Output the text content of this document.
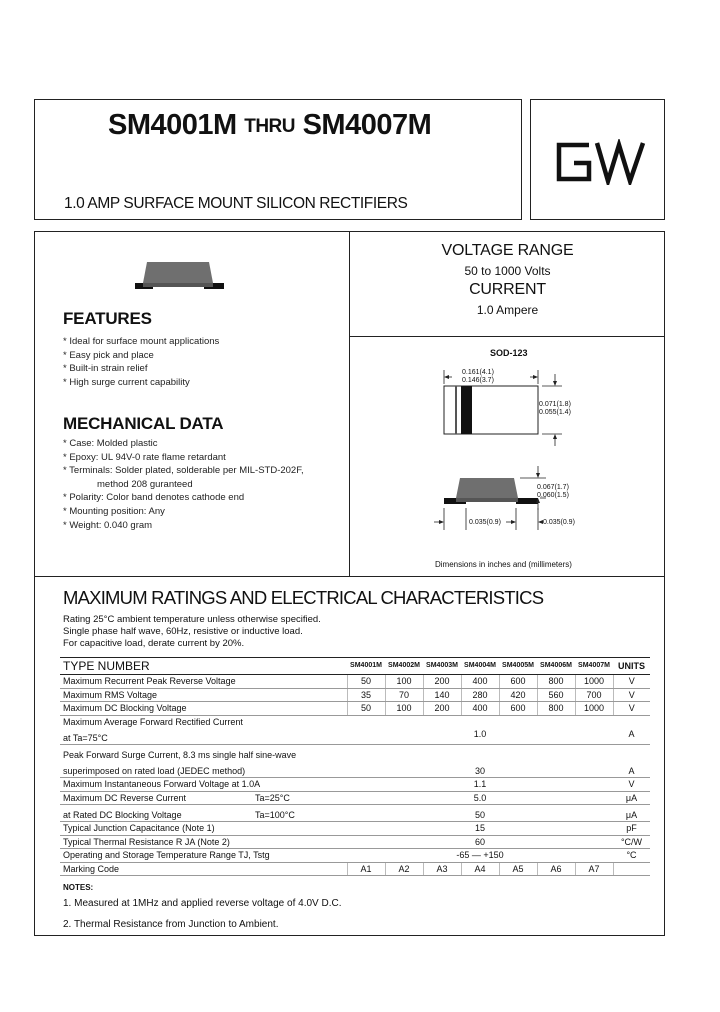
SM4001M THRU SM4007M
1.0 AMP SURFACE MOUNT SILICON RECTIFIERS
GW
FEATURES
* Ideal for surface mount applications
* Easy pick and place
* Built-in strain relief
* High surge current capability
MECHANICAL DATA
* Case: Molded plastic
* Epoxy: UL 94V-0 rate flame retardant
* Terminals: Solder plated, solderable per MIL-STD-202F,
method 208 guranteed
* Polarity: Color band denotes cathode end
* Mounting position: Any
* Weight: 0.040 gram
VOLTAGE RANGE
50 to 1000 Volts
CURRENT
1.0 Ampere
SOD-123
0.161(4.1)
0.146(3.7)
0.071(1.8)
0.055(1.4)
0.067(1.7)
0.060(1.5)
0.035(0.9)	0.035(0.9)
Dimensions in inches and (millimeters)
MAXIMUM RATINGS AND ELECTRICAL CHARACTERISTICS
Rating 25°C ambient temperature unless otherwise specified.
Single phase half wave, 60Hz, resistive or inductive load.
For capacitive load, derate current by 20%.
TYPE NUMBER	SM4001M	SM4002M	SM4003M	SM4004M	SM4005M	SM4006M	SM4007M	UNITS
Maximum Recurrent Peak Reverse Voltage	50	100	200	400	600	800	1000	V
Maximum RMS Voltage	35	70	140	280	420	560	700	V
Maximum DC Blocking Voltage	50	100	200	400	600	800	1000	V
Maximum Average Forward Rectified Current								
at Ta=75°C	1.0							A
Peak Forward Surge Current, 8.3 ms single half sine-wave								
superimposed on rated load (JEDEC method)	30							A
Maximum Instantaneous Forward Voltage at 1.0A	1.1							V
Maximum DC Reverse Current Ta=25°C	5.0							μA
at Rated DC Blocking Voltage Ta=100°C	50							μA
Typical Junction Capacitance (Note 1)	15							pF
Typical Thermal Resistance R JA (Note 2)	60							°C/W
Operating and Storage Temperature Range TJ, Tstg	-65 — +150							°C
Marking Code	A1	A2	A3	A4	A5	A6	A7	
NOTES:
1. Measured at 1MHz and applied reverse voltage of 4.0V D.C.
2. Thermal Resistance from Junction to Ambient.
